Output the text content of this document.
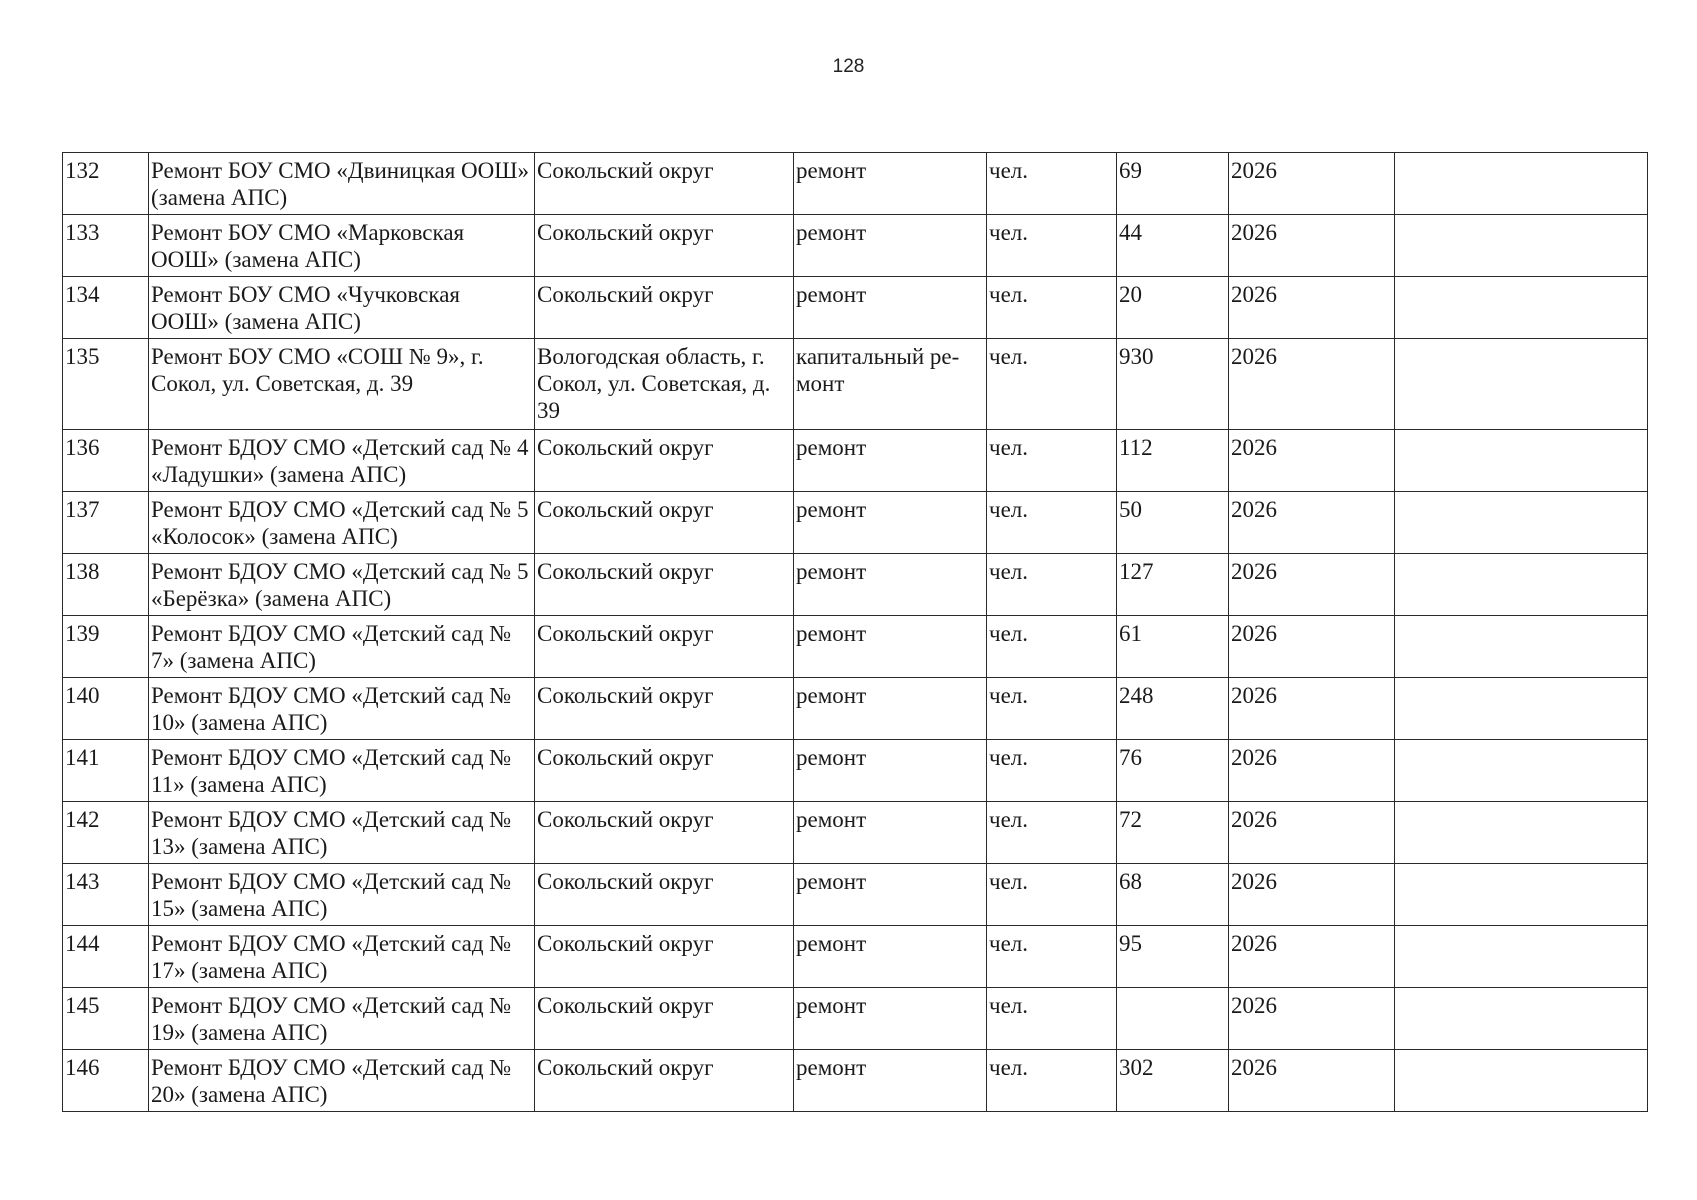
128
132	Ремонт БОУ СМО «Двиницкая ООШ» (замена АПС)	Сокольский округ	ремонт	чел.	69	2026	
133	Ремонт БОУ СМО «Марковская ООШ» (замена АПС)	Сокольский округ	ремонт	чел.	44	2026	
134	Ремонт БОУ СМО «Чучковская ООШ» (замена АПС)	Сокольский округ	ремонт	чел.	20	2026	
135	Ремонт БОУ СМО «СОШ № 9», г. Сокол, ул. Советская, д. 39	Вологодская область, г. Сокол, ул. Советская, д. 39	капитальный ре-монт	чел.	930	2026	
136	Ремонт БДОУ СМО «Детский сад № 4 «Ладушки» (замена АПС)	Сокольский округ	ремонт	чел.	112	2026	
137	Ремонт БДОУ СМО «Детский сад № 5 «Колосок» (замена АПС)	Сокольский округ	ремонт	чел.	50	2026	
138	Ремонт БДОУ СМО «Детский сад № 5 «Берёзка» (замена АПС)	Сокольский округ	ремонт	чел.	127	2026	
139	Ремонт БДОУ СМО «Детский сад № 7» (замена АПС)	Сокольский округ	ремонт	чел.	61	2026	
140	Ремонт БДОУ СМО «Детский сад № 10» (замена АПС)	Сокольский округ	ремонт	чел.	248	2026	
141	Ремонт БДОУ СМО «Детский сад № 11» (замена АПС)	Сокольский округ	ремонт	чел.	76	2026	
142	Ремонт БДОУ СМО «Детский сад № 13» (замена АПС)	Сокольский округ	ремонт	чел.	72	2026	
143	Ремонт БДОУ СМО «Детский сад № 15» (замена АПС)	Сокольский округ	ремонт	чел.	68	2026	
144	Ремонт БДОУ СМО «Детский сад № 17» (замена АПС)	Сокольский округ	ремонт	чел.	95	2026	
145	Ремонт БДОУ СМО «Детский сад № 19» (замена АПС)	Сокольский округ	ремонт	чел.		2026	
146	Ремонт БДОУ СМО «Детский сад № 20» (замена АПС)	Сокольский округ	ремонт	чел.	302	2026	
